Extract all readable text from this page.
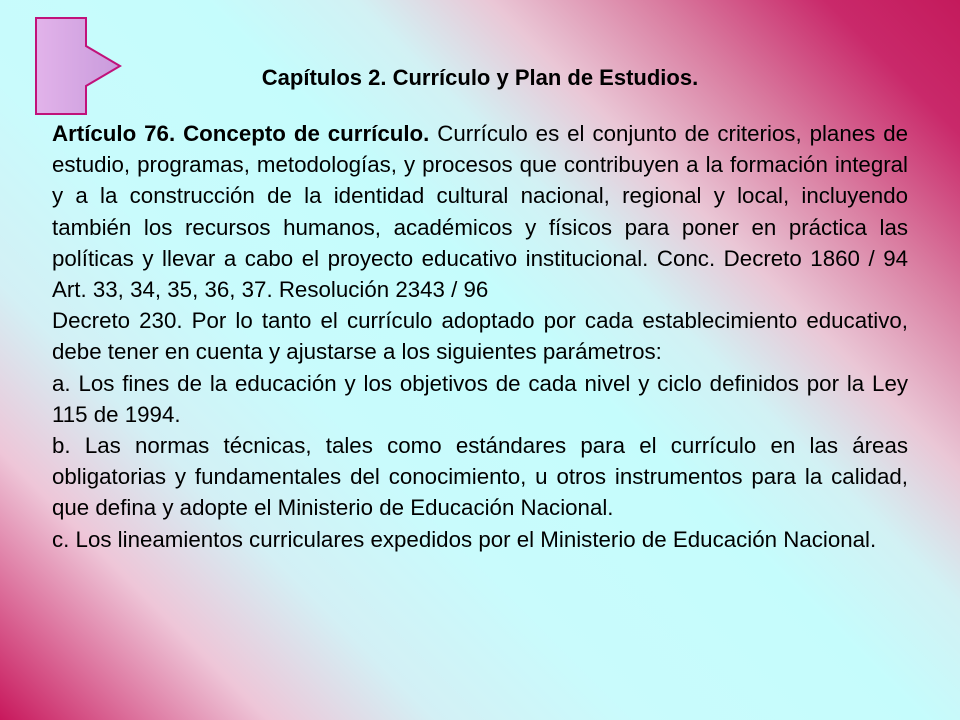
Capítulos 2. Currículo y Plan de Estudios.

Artículo 76. Concepto de currículo. Currículo es el conjunto de criterios, planes de estudio, programas, metodologías, y procesos que contribuyen a la formación integral y a la construcción de la identidad cultural nacional, regional y local, incluyendo también los recursos humanos, académicos y físicos para poner en práctica las políticas y llevar a cabo el proyecto educativo institucional. Conc. Decreto 1860 / 94 Art. 33, 34, 35, 36, 37. Resolución 2343 / 96

Decreto 230. Por lo tanto el currículo adoptado por cada establecimiento educativo, debe tener en cuenta y ajustarse a los siguientes parámetros:

a. Los fines de la educación y los objetivos de cada nivel y ciclo definidos por la Ley 115 de 1994.

b. Las normas técnicas, tales como estándares para el currículo en las áreas obligatorias y fundamentales del conocimiento, u otros instrumentos para la calidad, que defina y adopte el Ministerio de Educación Nacional.

c. Los lineamientos curriculares expedidos por el Ministerio de Educación Nacional.
